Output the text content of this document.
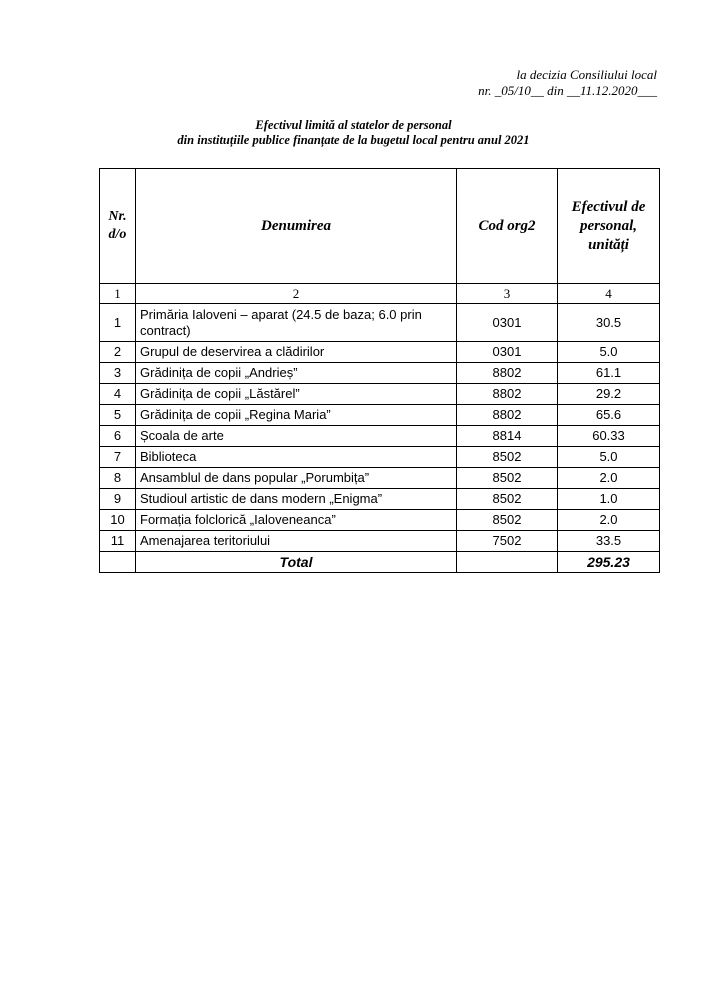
la decizia Consiliului local
nr. _05/10__ din __11.12.2020___
Efectivul limită al statelor de personal
din instituțiile publice finanțate de la bugetul local pentru anul 2021
Nr. d/o	Denumirea	Cod org2	Efectivul de personal, unități
1	2	3	4
1	Primăria Ialoveni – aparat (24.5 de baza; 6.0 prin contract)	0301	30.5
2	Grupul de deservirea a clădirilor	0301	5.0
3	Grădinița de copii „Andrieș”	8802	61.1
4	Grădinița de copii „Lăstărel”	8802	29.2
5	Grădinița de copii „Regina Maria”	8802	65.6
6	Școala de arte	8814	60.33
7	Biblioteca	8502	5.0
8	Ansamblul de dans popular „Porumbița”	8502	2.0
9	Studioul artistic de dans modern „Enigma”	8502	1.0
10	Formația folclorică „Ialoveneanca”	8502	2.0
11	Amenajarea teritoriului	7502	33.5
	Total		295.23
